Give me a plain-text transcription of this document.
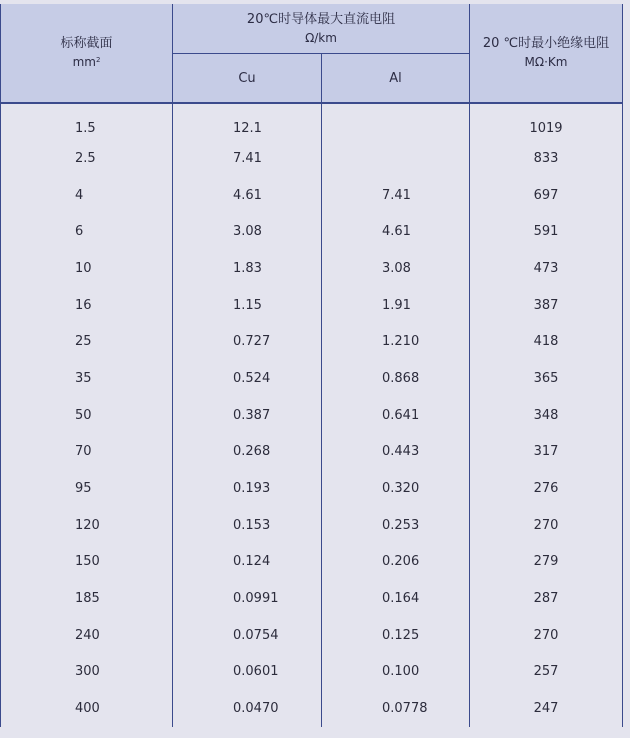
标称截面
$mm^2$	20℃时导体最大直流电阻
Ω/km		20 ℃时最小绝缘电阻
MΩ·Km

	Cu	Al	
1.5	12.1		1019
2.5	7.41		833
4	4.61	7.41	697
6	3.08	4.61	591
10	1.83	3.08	473
16	1.15	1.91	387
25	0.727	1.210	418
35	0.524	0.868	365
50	0.387	0.641	348
70	0.268	0.443	317
95	0.193	0.320	276
120	0.153	0.253	270
150	0.124	0.206	279
185	0.0991	0.164	287
240	0.0754	0.125	270
300	0.0601	0.100	257
400	0.0470	0.0778	247
